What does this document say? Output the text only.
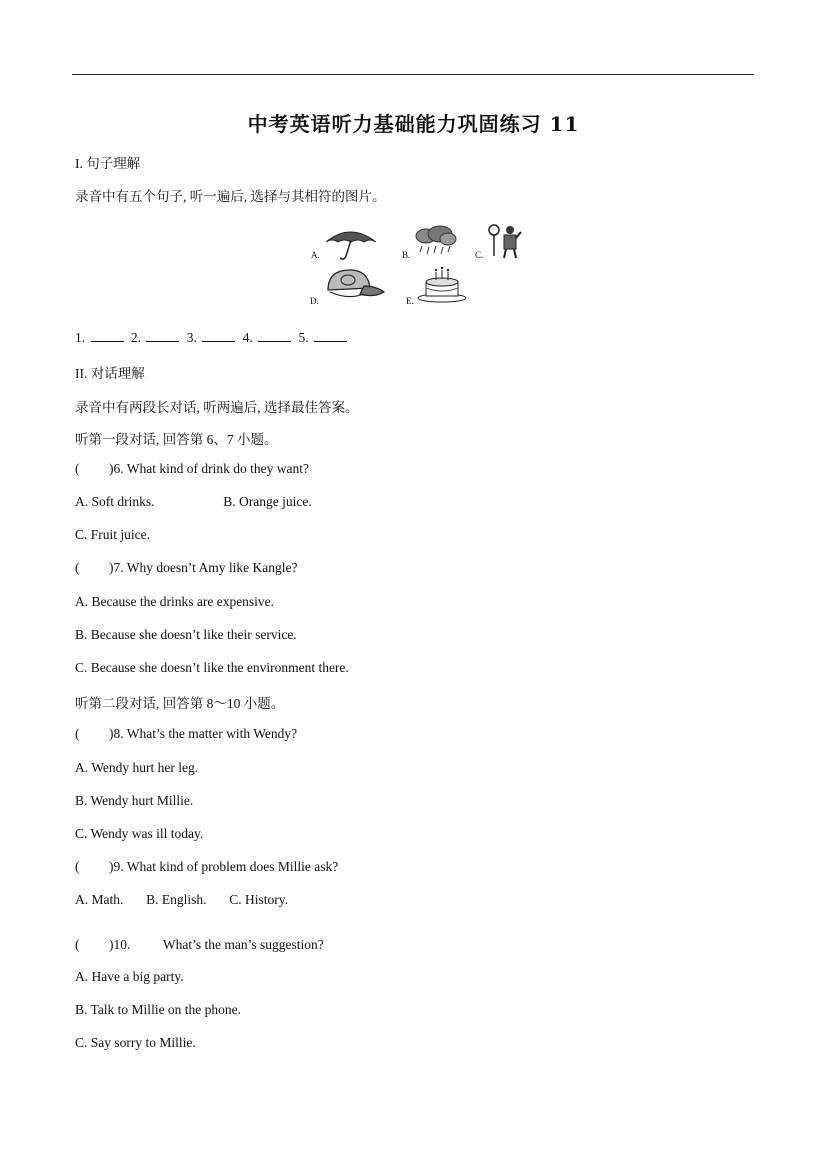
中考英语听力基础能力巩固练习 11
I. 句子理解
录音中有五个句子, 听一遍后, 选择与其相符的图片。
A.	B.	C.
D.	E.
1.	2.	3.	4.	5.
II. 对话理解
录音中有两段长对话, 听两遍后, 选择最佳答案。
听第一段对话, 回答第 6、7 小题。
( )6. What kind of drink do they want?
A. Soft drinks.	B. Orange juice.
C. Fruit juice.
( )7. Why doesn’t Amy like Kangle?
A. Because the drinks are expensive.
B. Because she doesn’t like their service.
C. Because she doesn’t like the environment there.
听第二段对话, 回答第 8～10 小题。
( )8. What’s the matter with Wendy?
A. Wendy hurt her leg.
B. Wendy hurt Millie.
C. Wendy was ill today.
( )9. What kind of problem does Millie ask?
A. Math. B. English. C. History.
( )10. What’s the man’s suggestion?
A. Have a big party.
B. Talk to Millie on the phone.
C. Say sorry to Millie.
